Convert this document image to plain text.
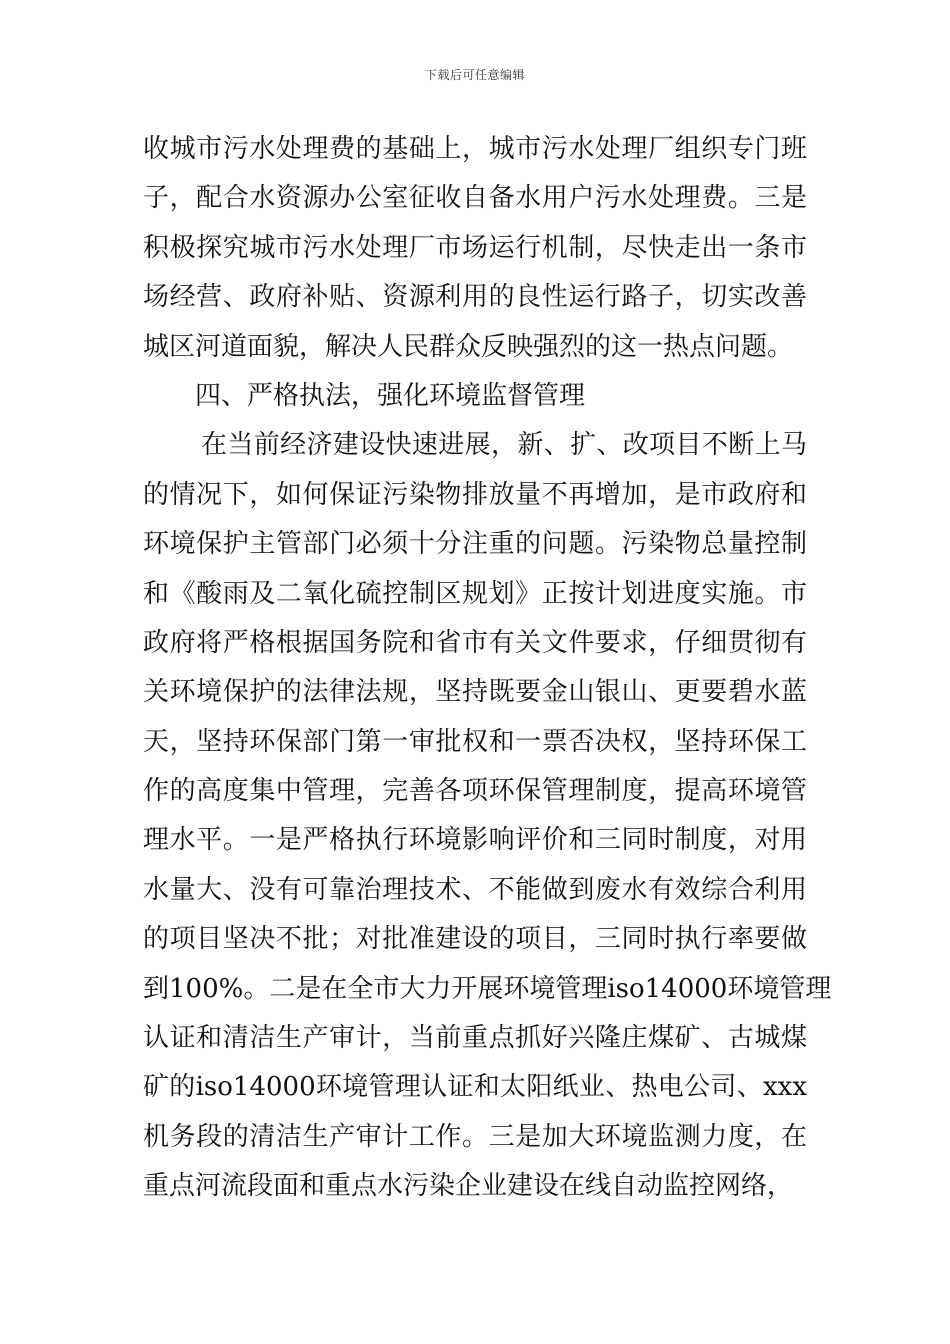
下载后可任意编辑
收城市污水处理费的基础上，城市污水处理厂组织专门班
子，配合水资源办公室征收自备水用户污水处理费。三是
积极探究城市污水处理厂市场运行机制，尽快走出一条市
场经营、政府补贴、资源利用的良性运行路子，切实改善
城区河道面貌，解决人民群众反映强烈的这一热点问题。
四、严格执法，强化环境监督管理
在当前经济建设快速进展，新、扩、改项目不断上马
的情况下，如何保证污染物排放量不再增加，是市政府和
环境保护主管部门必须十分注重的问题。污染物总量控制
和《酸雨及二氧化硫控制区规划》正按计划进度实施。市
政府将严格根据国务院和省市有关文件要求，仔细贯彻有
关环境保护的法律法规，坚持既要金山银山、更要碧水蓝
天，坚持环保部门第一审批权和一票否决权，坚持环保工
作的高度集中管理，完善各项环保管理制度，提高环境管
理水平。一是严格执行环境影响评价和三同时制度，对用
水量大、没有可靠治理技术、不能做到废水有效综合利用
的项目坚决不批；对批准建设的项目，三同时执行率要做
到100%。二是在全市大力开展环境管理iso14000环境管理
认证和清洁生产审计，当前重点抓好兴隆庄煤矿、古城煤
矿的iso14000环境管理认证和太阳纸业、热电公司、xxx
机务段的清洁生产审计工作。三是加大环境监测力度，在
重点河流段面和重点水污染企业建设在线自动监控网络，
